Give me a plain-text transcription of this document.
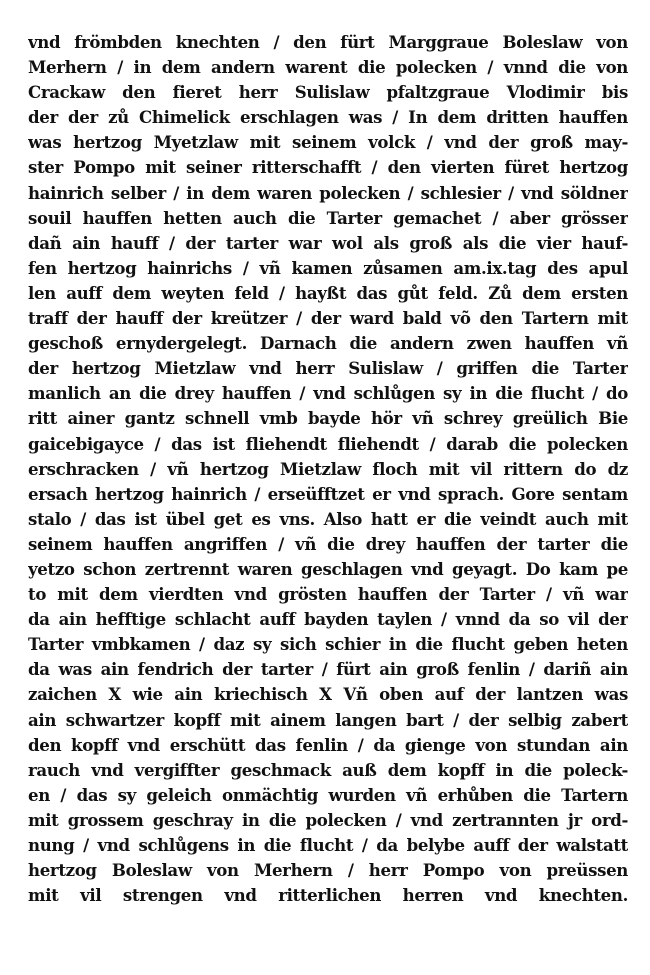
vnd frömbden knechten / den fürt Marggraue Boleslaw von
Merhern / in dem andern warent die polecken / vnnd die von
Crackaw den fieret herr Sulislaw pfaltzgraue Vlodimir bis
der der zů Chimelick erschlagen was / In dem dritten hauffen
was hertzog Myetzlaw mit seinem volck / vnd der groß may-
ster Pompo mit seiner ritterschafft / den vierten füret hertzog
hainrich selber / in dem waren polecken / schlesier / vnd söldner
souil hauffen hetten auch die Tarter gemachet / aber grösser
dañ ain hauff / der tarter war wol als groß als die vier hauf-
fen hertzog hainrichs / vñ kamen zůsamen am.ix.tag des apul
len auff dem weyten feld / hayßt das gůt feld. Zů dem ersten
traff der hauff der kreützer / der ward bald võ den Tartern mit
geschoß ernydergelegt. Darnach die andern zwen hauffen vñ
der hertzog Mietzlaw vnd herr Sulislaw / griffen die Tarter
manlich an die drey hauffen / vnd schlůgen sy in die flucht / do
ritt ainer gantz schnell vmb bayde hör vñ schrey greülich Bie
gaicebigayce / das ist fliehendt fliehendt / darab die polecken
erschracken / vñ hertzog Mietzlaw floch mit vil rittern do dz
ersach hertzog hainrich / erseüfftzet er vnd sprach. Gore sentam
stalo / das ist übel get es vns. Also hatt er die veindt auch mit
seinem hauffen angriffen / vñ die drey hauffen der tarter die
yetzo schon zertrennt waren geschlagen vnd geyagt. Do kam pe
to mit dem vierdten vnd grösten hauffen der Tarter / vñ war
da ain hefftige schlacht auff bayden taylen / vnnd da so vil der
Tarter vmbkamen / daz sy sich schier in die flucht geben heten
da was ain fendrich der tarter / fürt ain groß fenlin / dariñ ain
zaichen X wie ain kriechisch X Vñ oben auf der lantzen was
ain schwartzer kopff mit ainem langen bart / der selbig zabert
den kopff vnd erschütt das fenlin / da gienge von stundan ain
rauch vnd vergiffter geschmack auß dem kopff in die poleck-
en / das sy geleich onmächtig wurden vñ erhůben die Tartern
mit grossem geschray in die polecken / vnd zertrannten jr ord-
nung / vnd schlůgens in die flucht / da belybe auff der walstatt
hertzog Boleslaw von Merhern / herr Pompo von preüssen
mit vil strengen vnd ritterlichen herren vnd knechten.
